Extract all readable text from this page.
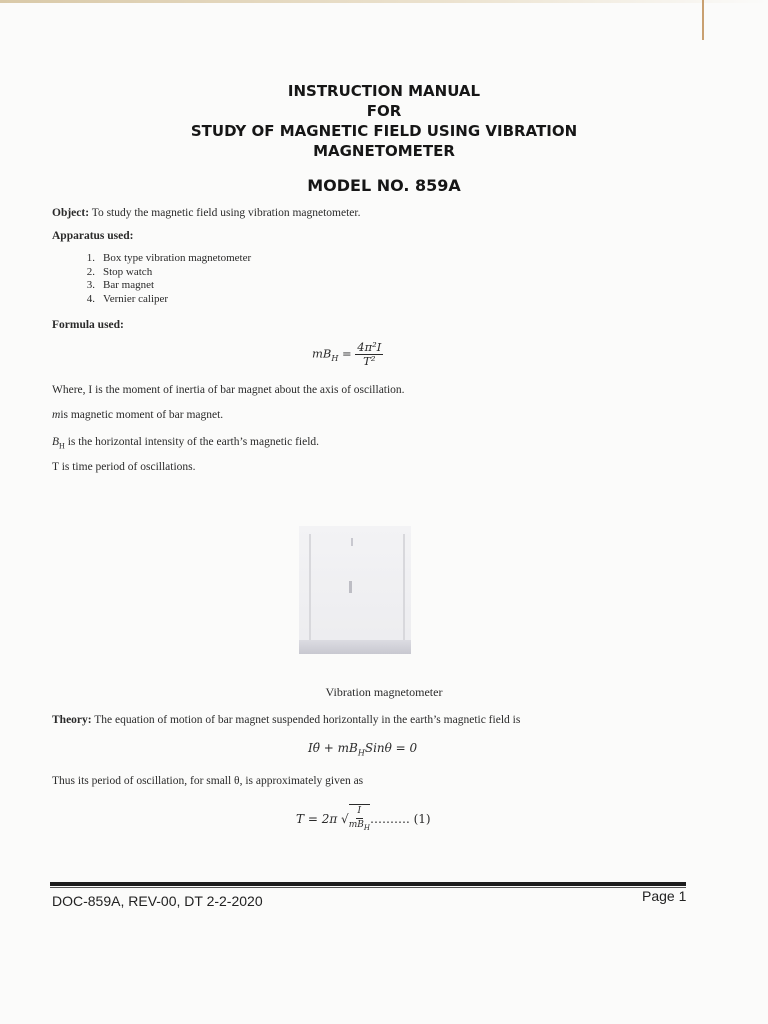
INSTRUCTION MANUAL
FOR
STUDY OF MAGNETIC FIELD USING VIBRATION
MAGNETOMETER
MODEL NO. 859A
Object: To study the magnetic field using vibration magnetometer.
Apparatus used:
1. Box type vibration magnetometer
2. Stop watch
3. Bar magnet
4. Vernier caliper
Formula used:
$mB_H = \frac{\text{4π²I}}{\text{T²}}$
Where, I is the moment of inertia of bar magnet about the axis of oscillation.
mis magnetic moment of bar magnet.
$B_H$ is the horizontal intensity of the earth’s magnetic field.
T is time period of oscillations.
Vibration magnetometer
Theory: The equation of motion of bar magnet suspended horizontally in the earth’s magnetic field is
Iθ̈ + $mB_HSin\theta = 0$
Thus its period of oscillation, for small θ, is approximately given as
T = 2π √ $\frac{I}{mB_H}$ ………. (1)
DOC-859A, REV-00, DT 2-2-2020	Page 1
